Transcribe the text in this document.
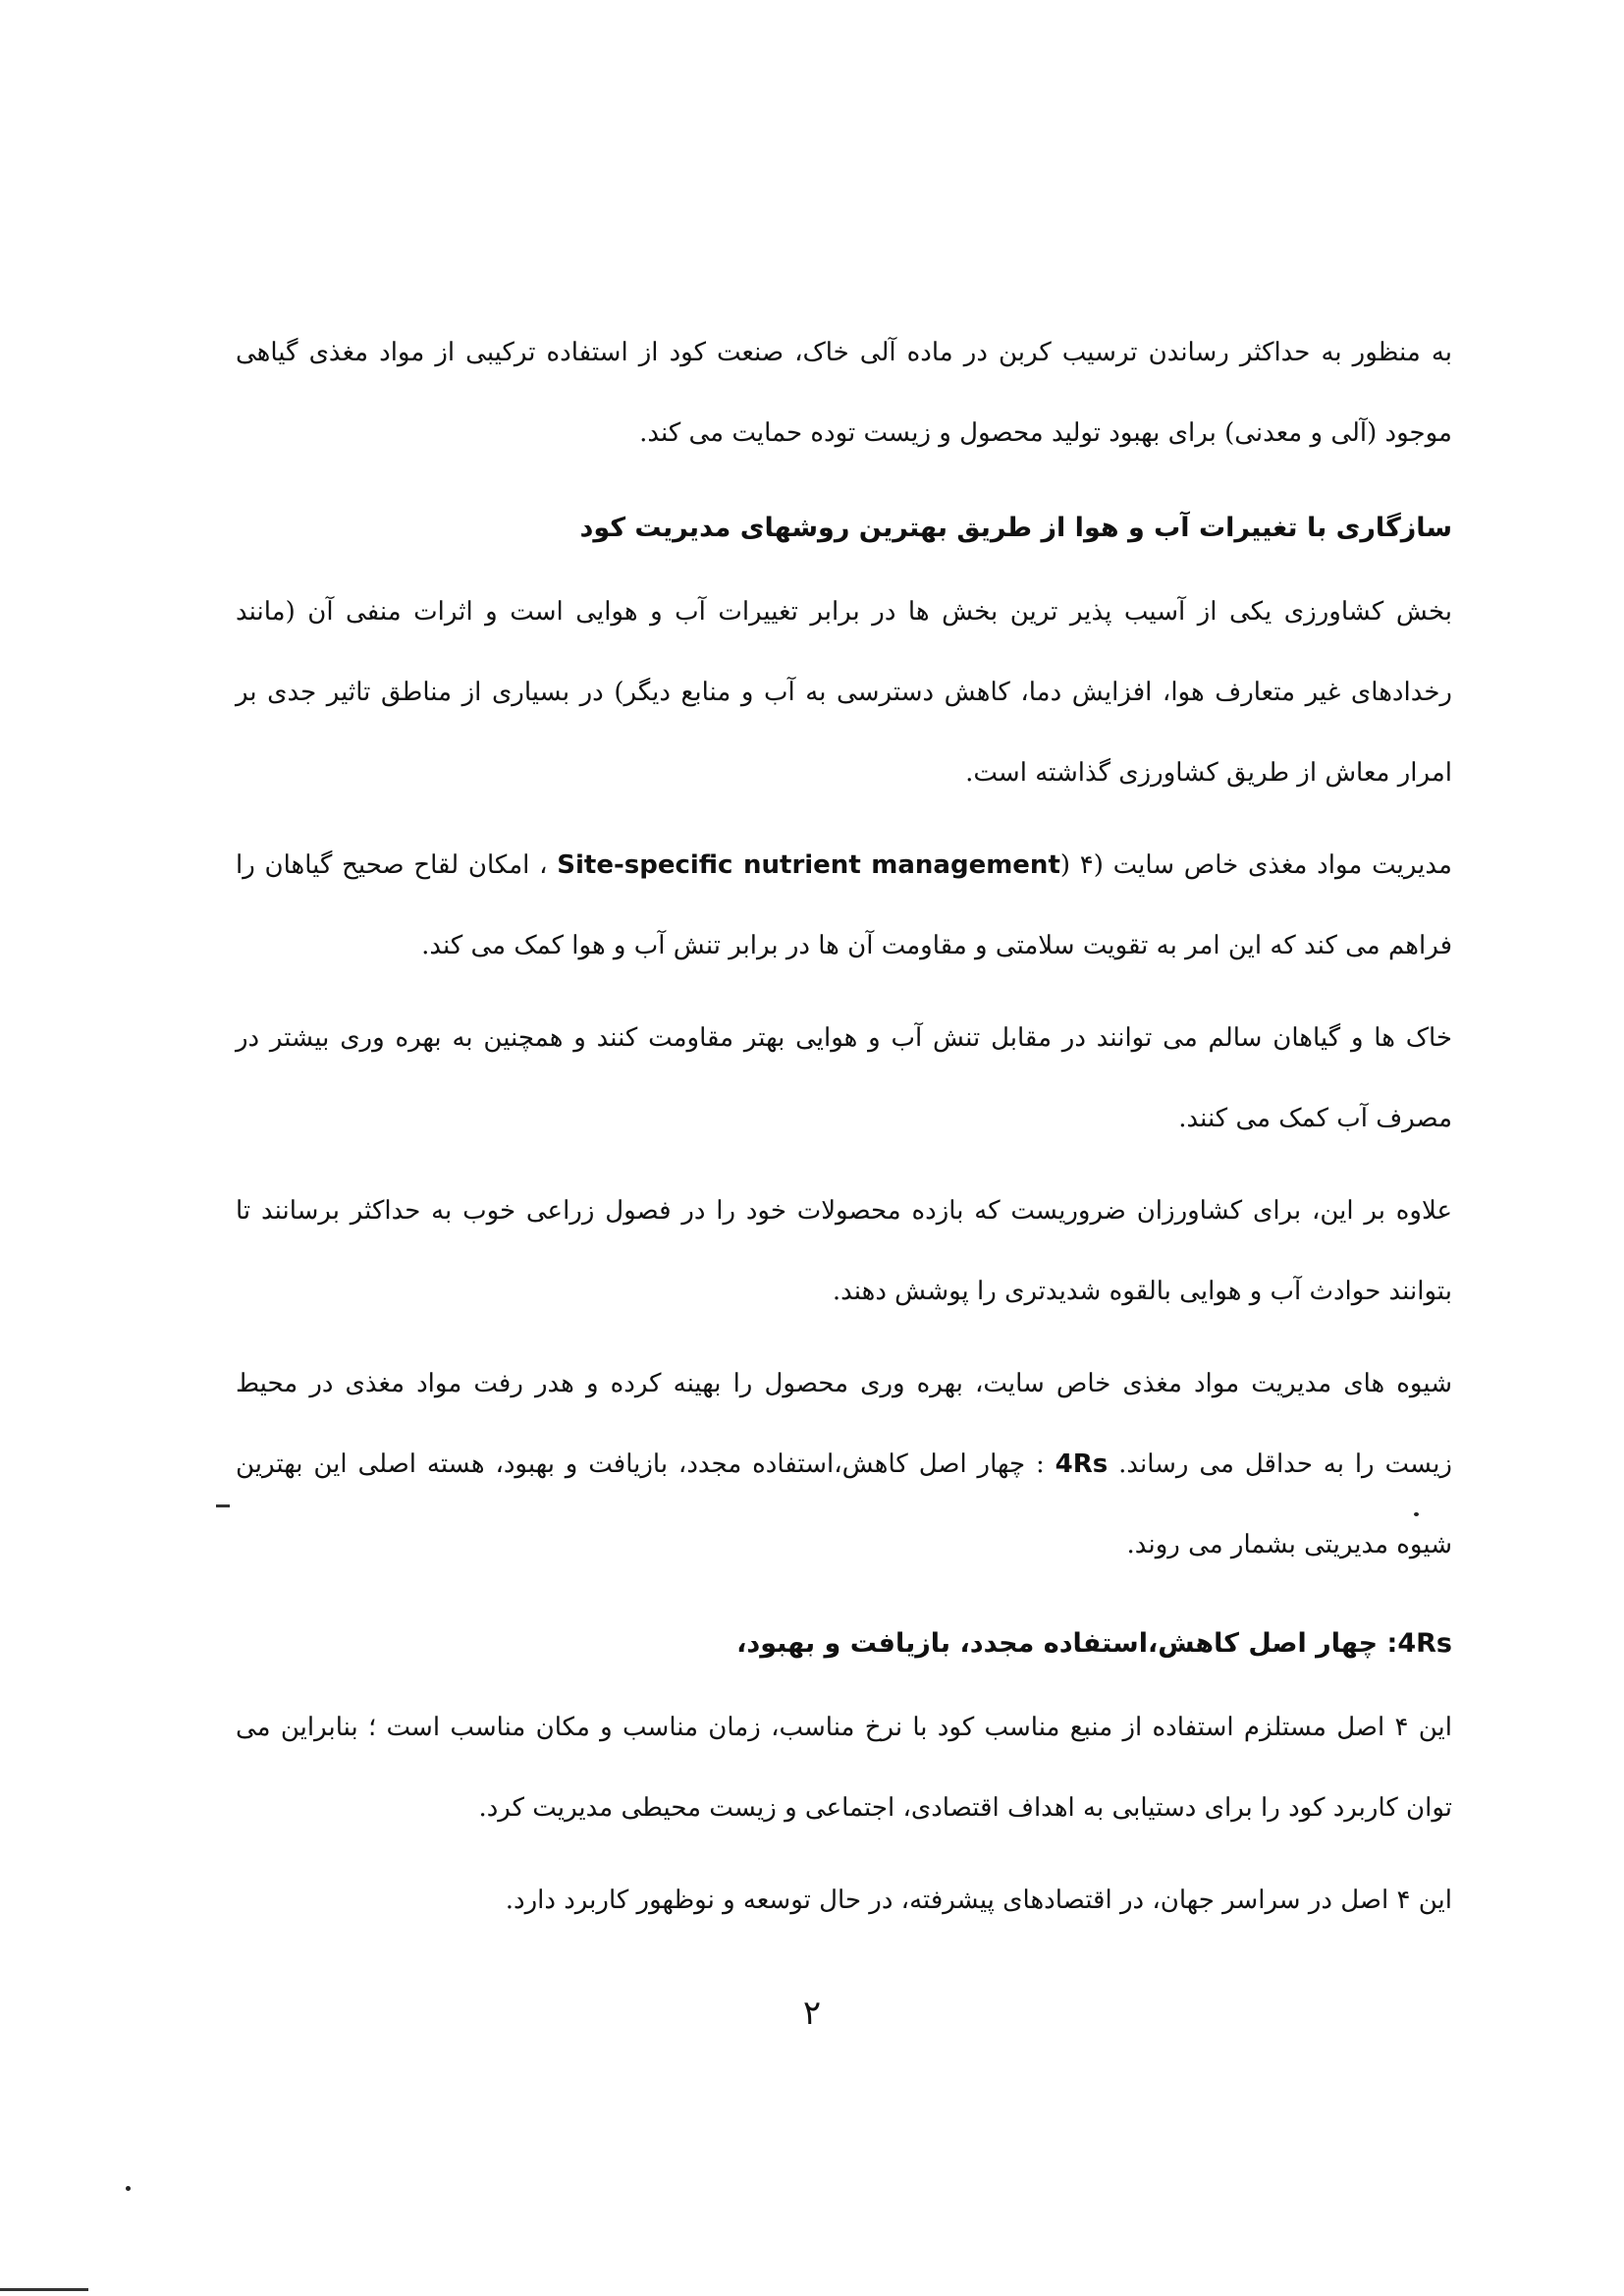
به منظور به حداکثر رساندن ترسیب کربن در ماده آلی خاک، صنعت کود از استفاده ترکیبی از مواد مغذی گیاهی موجود (آلی و معدنی) برای بهبود تولید محصول و زیست توده حمایت می کند.

سازگاری با تغییرات آب و هوا از طریق بهترین روشهای مدیریت کود

بخش کشاورزی یکی از آسیب پذیر ترین بخش ها در برابر تغییرات آب و هوایی است و اثرات منفی آن (مانند رخدادهای غیر متعارف هوا، افزایش دما، کاهش دسترسی به آب و منابع دیگر) در بسیاری از مناطق تاثیر جدی بر امرار معاش از طریق کشاورزی گذاشته است.

مدیریت مواد مغذی خاص سایت (Site-specific nutrient management) ۴ ، امکان لقاح صحیح گیاهان را فراهم می کند که این امر به تقویت سلامتی و مقاومت آن ها در برابر تنش آب و هوا کمک می کند.

خاک ها و گیاهان سالم می توانند در مقابل تنش آب و هوایی بهتر مقاومت کنند و همچنین به بهره وری بیشتر در مصرف آب کمک می کنند.

علاوه بر این، برای کشاورزان ضروریست که بازده محصولات خود را در فصول زراعی خوب به حداکثر برسانند تا بتوانند حوادث آب و هوایی بالقوه شدیدتری را پوشش دهند.

شیوه های مدیریت مواد مغذی خاص سایت، بهره وری محصول را بهینه کرده و هدر رفت مواد مغذی در محیط زیست را به حداقل می رساند. 4Rs : چهار اصل کاهش،استفاده مجدد، بازیافت و بهبود، هسته اصلی این بهترین شیوه مدیریتی بشمار می روند.

4Rs: چهار اصل کاهش،استفاده مجدد، بازیافت و بهبود،

این ۴ اصل مستلزم استفاده از منبع مناسب کود با نرخ مناسب، زمان مناسب و مکان مناسب است ؛ بنابراین می توان کاربرد کود را برای دستیابی به اهداف اقتصادی، اجتماعی و زیست محیطی مدیریت کرد.

این ۴ اصل در سراسر جهان، در اقتصادهای پیشرفته، در حال توسعه و نوظهور کاربرد دارد.

۲
